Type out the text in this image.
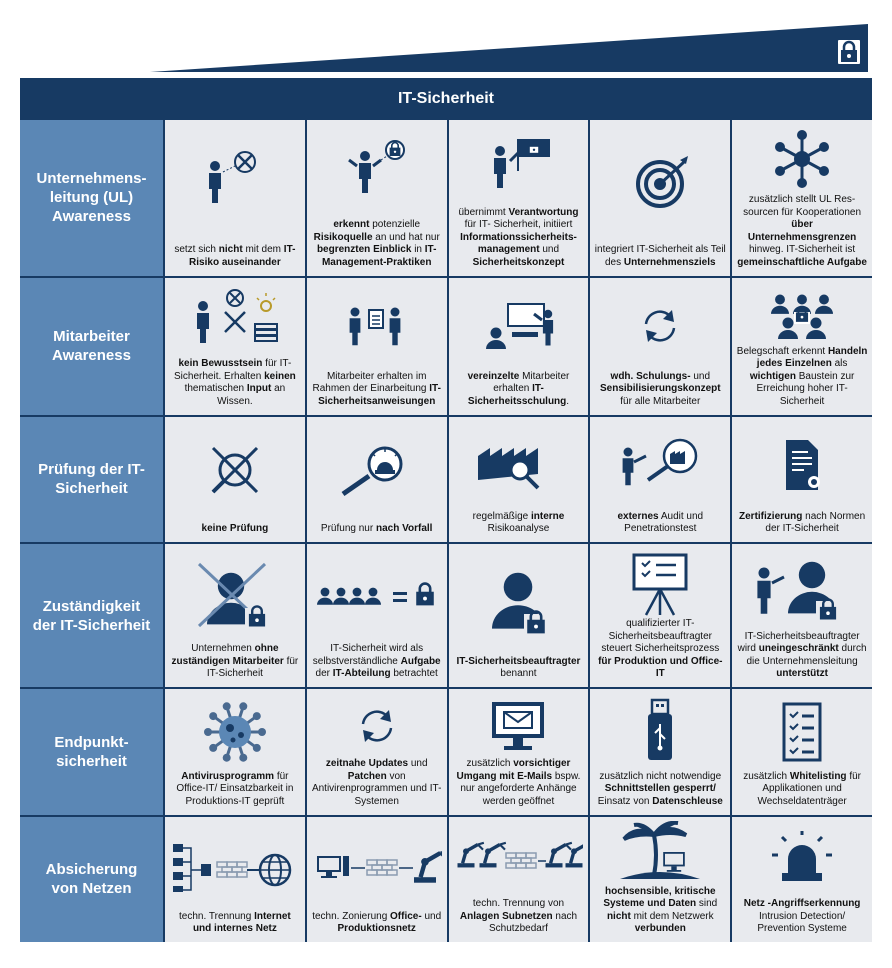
IT-Sicherheit
Unternehmens-
leitung (UL)
Awareness
setzt sich nicht mit dem IT- Risiko auseinander
erkennt potenzielle Risikoquelle an und hat nur begrenzten Einblick in IT-Management-Praktiken
übernimmt Verantwortung für IT- Sicherheit, initiiert Informationssicherheits-management und Sicherheitskonzept
integriert IT-Sicherheit als Teil des Unternehmensziels
zusätzlich stellt UL Res-sourcen für Kooperationen über Unternehmensgrenzen hinweg. IT-Sicherheit ist gemeinschaftliche Aufgabe
Mitarbeiter
Awareness	kein Bewusstsein für IT-Sicherheit. Erhalten keinen thematischen Input an Wissen.
Mitarbeiter erhalten im Rahmen der Einarbeitung IT-Sicherheitsanweisungen
vereinzelte Mitarbeiter erhalten IT-Sicherheitsschulung.
wdh. Schulungs- und Sensibilisierungskonzept für alle Mitarbeiter
Belegschaft erkennt Handeln jedes Einzelnen als wichtigen Baustein zur Erreichung hoher IT-Sicherheit
Prüfung der IT-
Sicherheit
keine Prüfung	Prüfung nur nach Vorfall
regelmäßige interne Risikoanalyse
externes Audit und Penetrationstest
Zertifizierung nach Normen der IT-Sicherheit
Zuständigkeit
der IT-Sicherheit
Unternehmen ohne zuständigen Mitarbeiter für IT-Sicherheit
IT-Sicherheit wird als selbstverständliche Aufgabe der IT-Abteilung betrachtet
IT-Sicherheitsbeauftragter benannt
qualifizierter IT-Sicherheitsbeauftragter steuert Sicherheitsprozess für Produktion und Office-IT
IT-Sicherheitsbeauftragter wird uneingeschränkt durch die Unternehmensleitung unterstützt
Endpunkt-
sicherheit
Antivirusprogramm für Office-IT/ Einsatzbarkeit in Produktions-IT geprüft
zeitnahe Updates und Patchen von Antivirenprogrammen und IT-Systemen
zusätzlich vorsichtiger Umgang mit E-Mails bspw. nur angeforderte Anhänge werden geöffnet
zusätzlich nicht notwendige Schnittstellen gesperrt/ Einsatz von Datenschleuse
zusätzlich Whitelisting für Applikationen und Wechseldatenträger
Absicherung
von Netzen
techn. Trennung Internet und internes Netz
techn. Zonierung Office- und Produktionsnetz
techn. Trennung von Anlagen Subnetzen nach Schutzbedarf
hochsensible, kritische Systeme und Daten sind nicht mit dem Netzwerk verbunden
Netz -Angriffserkennung Intrusion Detection/ Prevention Systeme
